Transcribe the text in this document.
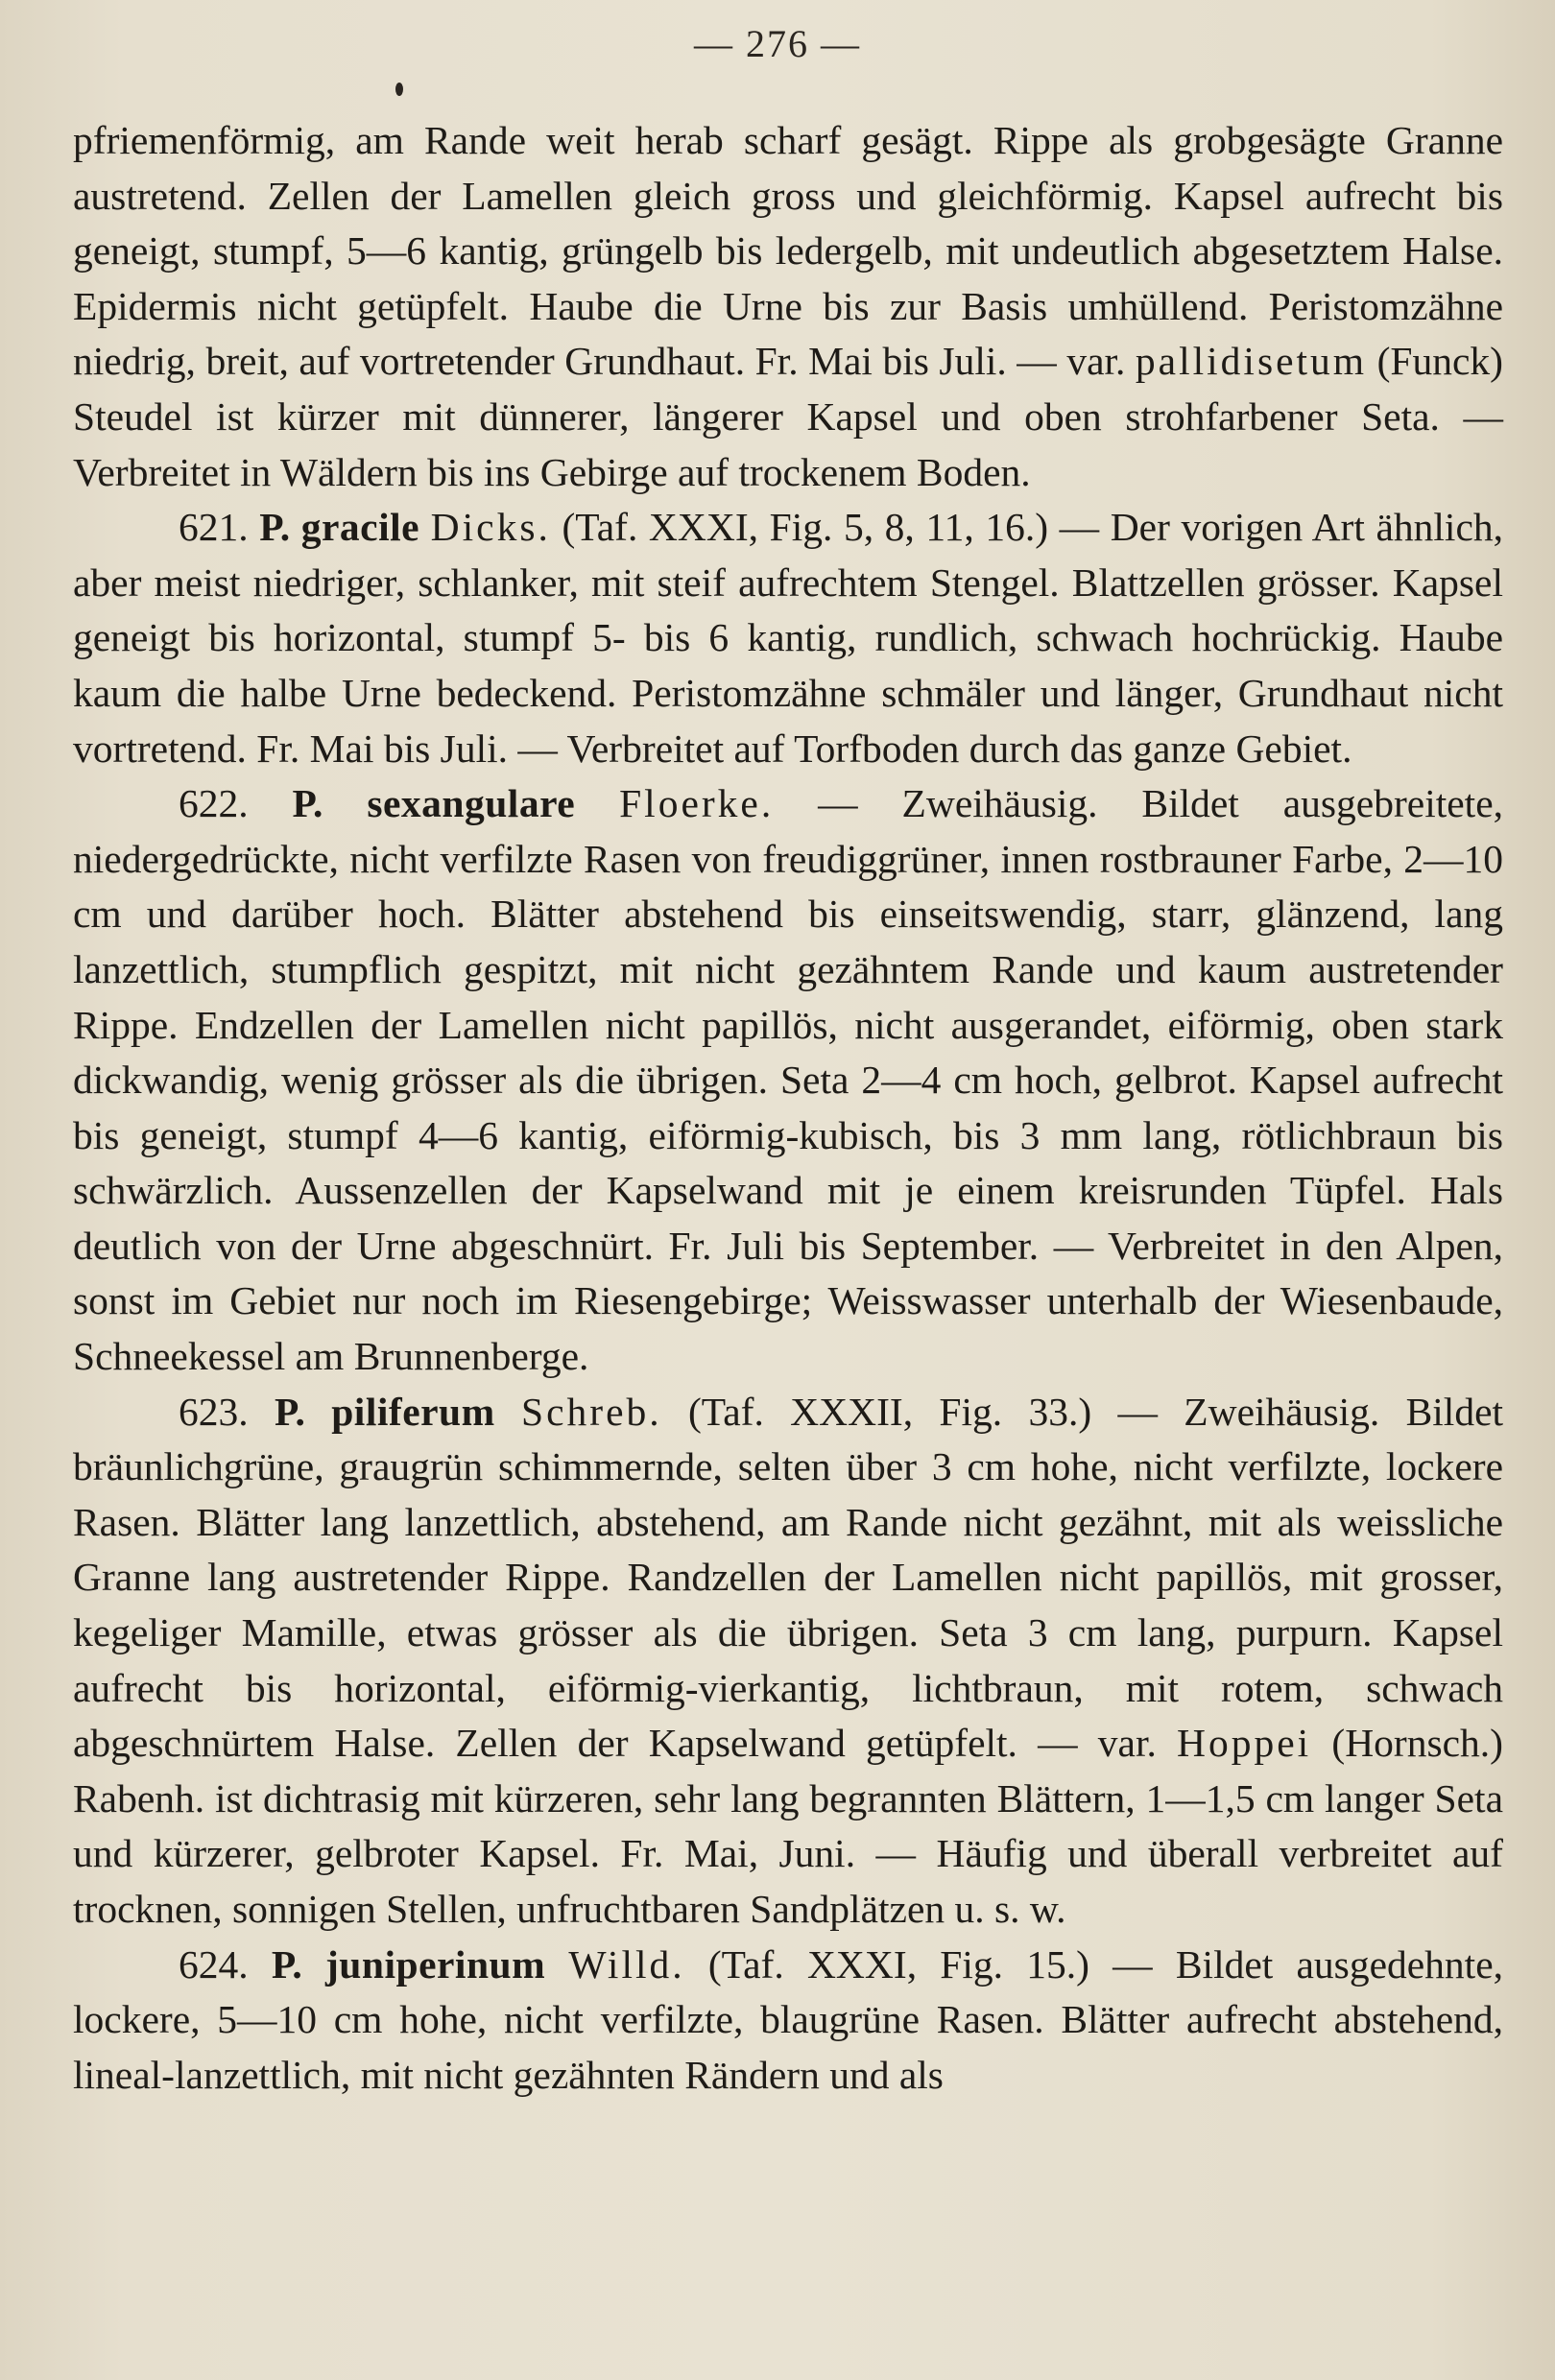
— 276 —

pfriemenförmig, am Rande weit herab scharf gesägt. Rippe als grobgesägte Granne austretend. Zellen der Lamellen gleich gross und gleichförmig. Kapsel aufrecht bis geneigt, stumpf, 5—6 kantig, grüngelb bis ledergelb, mit undeutlich abgesetztem Halse. Epidermis nicht getüpfelt. Haube die Urne bis zur Basis umhüllend. Peristomzähne niedrig, breit, auf vortretender Grundhaut. Fr. Mai bis Juli. — var. pallidisetum (Funck) Steudel ist kürzer mit dünnerer, längerer Kapsel und oben strohfarbener Seta. — Verbreitet in Wäldern bis ins Gebirge auf trockenem Boden.

621. P. gracile Dicks. (Taf. XXXI, Fig. 5, 8, 11, 16.) — Der vorigen Art ähnlich, aber meist niedriger, schlanker, mit steif aufrechtem Stengel. Blattzellen grösser. Kapsel geneigt bis horizontal, stumpf 5- bis 6 kantig, rundlich, schwach hochrückig. Haube kaum die halbe Urne bedeckend. Peristomzähne schmäler und länger, Grundhaut nicht vortretend. Fr. Mai bis Juli. — Verbreitet auf Torfboden durch das ganze Gebiet.

622. P. sexangulare Floerke. — Zweihäusig. Bildet ausgebreitete, niedergedrückte, nicht verfilzte Rasen von freudiggrüner, innen rostbrauner Farbe, 2—10 cm und darüber hoch. Blätter abstehend bis einseitswendig, starr, glänzend, lang lanzettlich, stumpflich gespitzt, mit nicht gezähntem Rande und kaum austretender Rippe. Endzellen der Lamellen nicht papillös, nicht ausgerandet, eiförmig, oben stark dickwandig, wenig grösser als die übrigen. Seta 2—4 cm hoch, gelbrot. Kapsel aufrecht bis geneigt, stumpf 4—6 kantig, eiförmig-kubisch, bis 3 mm lang, rötlichbraun bis schwärzlich. Aussenzellen der Kapselwand mit je einem kreisrunden Tüpfel. Hals deutlich von der Urne abgeschnürt. Fr. Juli bis September. — Verbreitet in den Alpen, sonst im Gebiet nur noch im Riesengebirge; Weisswasser unterhalb der Wiesenbaude, Schneekessel am Brunnenberge.

623. P. piliferum Schreb. (Taf. XXXII, Fig. 33.) — Zweihäusig. Bildet bräunlichgrüne, graugrün schimmernde, selten über 3 cm hohe, nicht verfilzte, lockere Rasen. Blätter lang lanzettlich, abstehend, am Rande nicht gezähnt, mit als weissliche Granne lang austretender Rippe. Randzellen der Lamellen nicht papillös, mit grosser, kegeliger Mamille, etwas grösser als die übrigen. Seta 3 cm lang, purpurn. Kapsel aufrecht bis horizontal, eiförmig-vierkantig, lichtbraun, mit rotem, schwach abgeschnürtem Halse. Zellen der Kapselwand getüpfelt. — var. Hoppei (Hornsch.) Rabenh. ist dichtrasig mit kürzeren, sehr lang begrannten Blättern, 1—1,5 cm langer Seta und kürzerer, gelbroter Kapsel. Fr. Mai, Juni. — Häufig und überall verbreitet auf trocknen, sonnigen Stellen, unfruchtbaren Sandplätzen u. s. w.

624. P. juniperinum Willd. (Taf. XXXI, Fig. 15.) — Bildet ausgedehnte, lockere, 5—10 cm hohe, nicht verfilzte, blaugrüne Rasen. Blätter aufrecht abstehend, lineal-lanzettlich, mit nicht gezähnten Rändern und als
